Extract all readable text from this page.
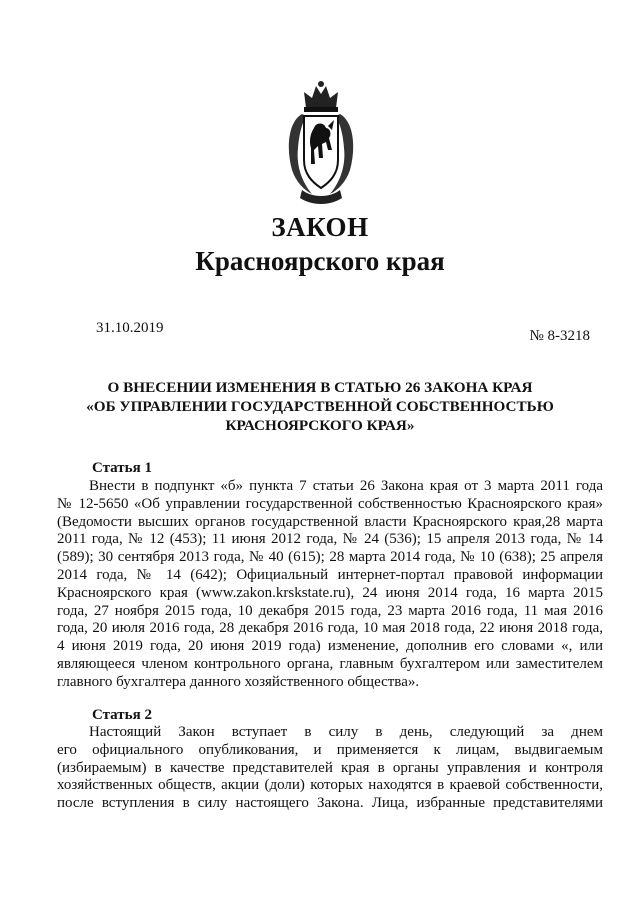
ЗАКОН
Красноярского края
31.10.2019	№ 8-3218
О ВНЕСЕНИИ ИЗМЕНЕНИЯ В СТАТЬЮ 26 ЗАКОНА КРАЯ
«ОБ УПРАВЛЕНИИ ГОСУДАРСТВЕННОЙ СОБСТВЕННОСТЬЮ
КРАСНОЯРСКОГО КРАЯ»
Статья 1
Внести в подпункт «б» пункта 7 статьи 26 Закона края от 3 марта 2011 года
№ 12-5650 «Об управлении государственной собственностью Красноярского края»
(Ведомости высших органов государственной власти Красноярского края,28 марта
2011 года, № 12 (453); 11 июня 2012 года, № 24 (536); 15 апреля 2013 года, № 14
(589); 30 сентября 2013 года, № 40 (615); 28 марта 2014 года, № 10 (638); 25 апреля
2014 года, № 14 (642); Официальный интернет-портал правовой информации
Красноярского края (www.zakon.krskstate.ru), 24 июня 2014 года, 16 марта 2015
года, 27 ноября 2015 года, 10 декабря 2015 года, 23 марта 2016 года, 11 мая 2016
года, 20 июля 2016 года, 28 декабря 2016 года, 10 мая 2018 года, 22 июня 2018 года,
4 июня 2019 года, 20 июня 2019 года) изменение, дополнив его словами «, или
являющееся членом контрольного органа, главным бухгалтером или заместителем
главного бухгалтера данного хозяйственного общества».
Статья 2
Настоящий Закон вступает в силу в день, следующий за днем
его официального опубликования, и применяется к лицам, выдвигаемым
(избираемым) в качестве представителей края в органы управления и контроля
хозяйственных обществ, акции (доли) которых находятся в краевой собственности,
после вступления в силу настоящего Закона. Лица, избранные представителями
